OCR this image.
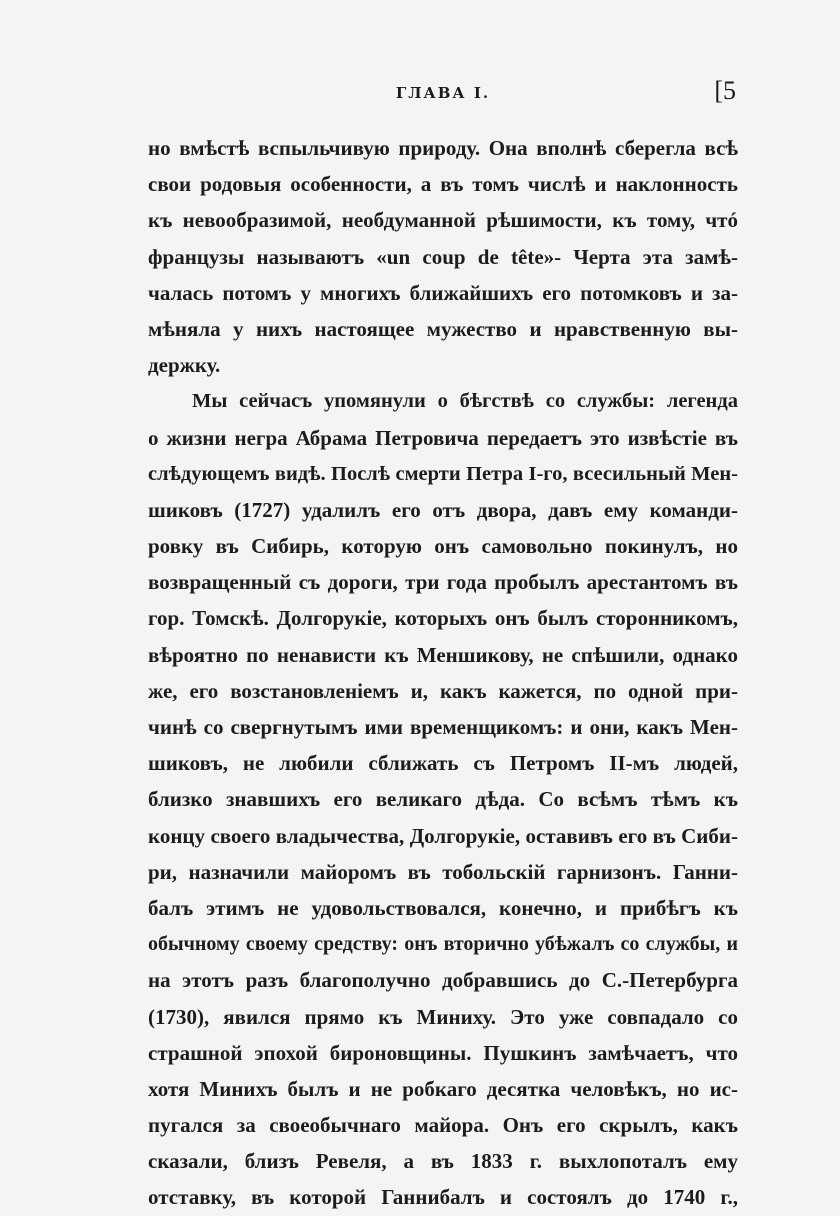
ГЛАВА I.	[5
но вмѣстѣ вспыльчивую природу. Она вполнѣ сберегла всѣ
свои родовыя особенности, а въ томъ числѣ и наклонность
къ невообразимой, необдуманной рѣшимости, къ тому, чтó
французы называютъ «un coup de tête»- Черта эта замѣ-
чалась потомъ у многихъ ближайшихъ его потомковъ и за-
мѣняла у нихъ настоящее мужество и нравственную вы-
держку.
Мы сейчасъ упомянули о бѣгствѣ со службы: легенда
о жизни негра Абрама Петровича передаетъ это извѣстіе въ
слѣдующемъ видѣ. Послѣ смерти Петра I-го, всесильный Мен-
шиковъ (1727) удалилъ его отъ двора, давъ ему команди-
ровку въ Сибирь, которую онъ самовольно покинулъ, но
возвращенный съ дороги, три года пробылъ арестантомъ въ
гор. Томскѣ. Долгорукіе, которыхъ онъ былъ сторонникомъ,
вѣроятно по ненависти къ Меншикову, не спѣшили, однако
же, его возстановленіемъ и, какъ кажется, по одной при-
чинѣ со свергнутымъ ими временщикомъ: и они, какъ Мен-
шиковъ, не любили сближать съ Петромъ II-мъ людей,
близко знавшихъ его великаго дѣда. Со всѣмъ тѣмъ къ
концу своего владычества, Долгорукіе, оставивъ его въ Сиби-
ри, назначили майоромъ въ тобольскій гарнизонъ. Ганни-
балъ этимъ не удовольствовался, конечно, и прибѣгъ къ
обычному своему средству: онъ вторично убѣжалъ со службы, и
на этотъ разъ благополучно добравшись до С.-Петербурга
(1730), явился прямо къ Миниху. Это уже совпадало со
страшной эпохой бироновщины. Пушкинъ замѣчаетъ, что
хотя Минихъ былъ и не робкаго десятка человѣкъ, но ис-
пугался за своеобычнаго майора. Онъ его скрылъ, какъ
сказали, близъ Ревеля, а въ 1833 г. выхлопоталъ ему
отставку, въ которой Ганнибалъ и состоялъ до 1740 г.,
